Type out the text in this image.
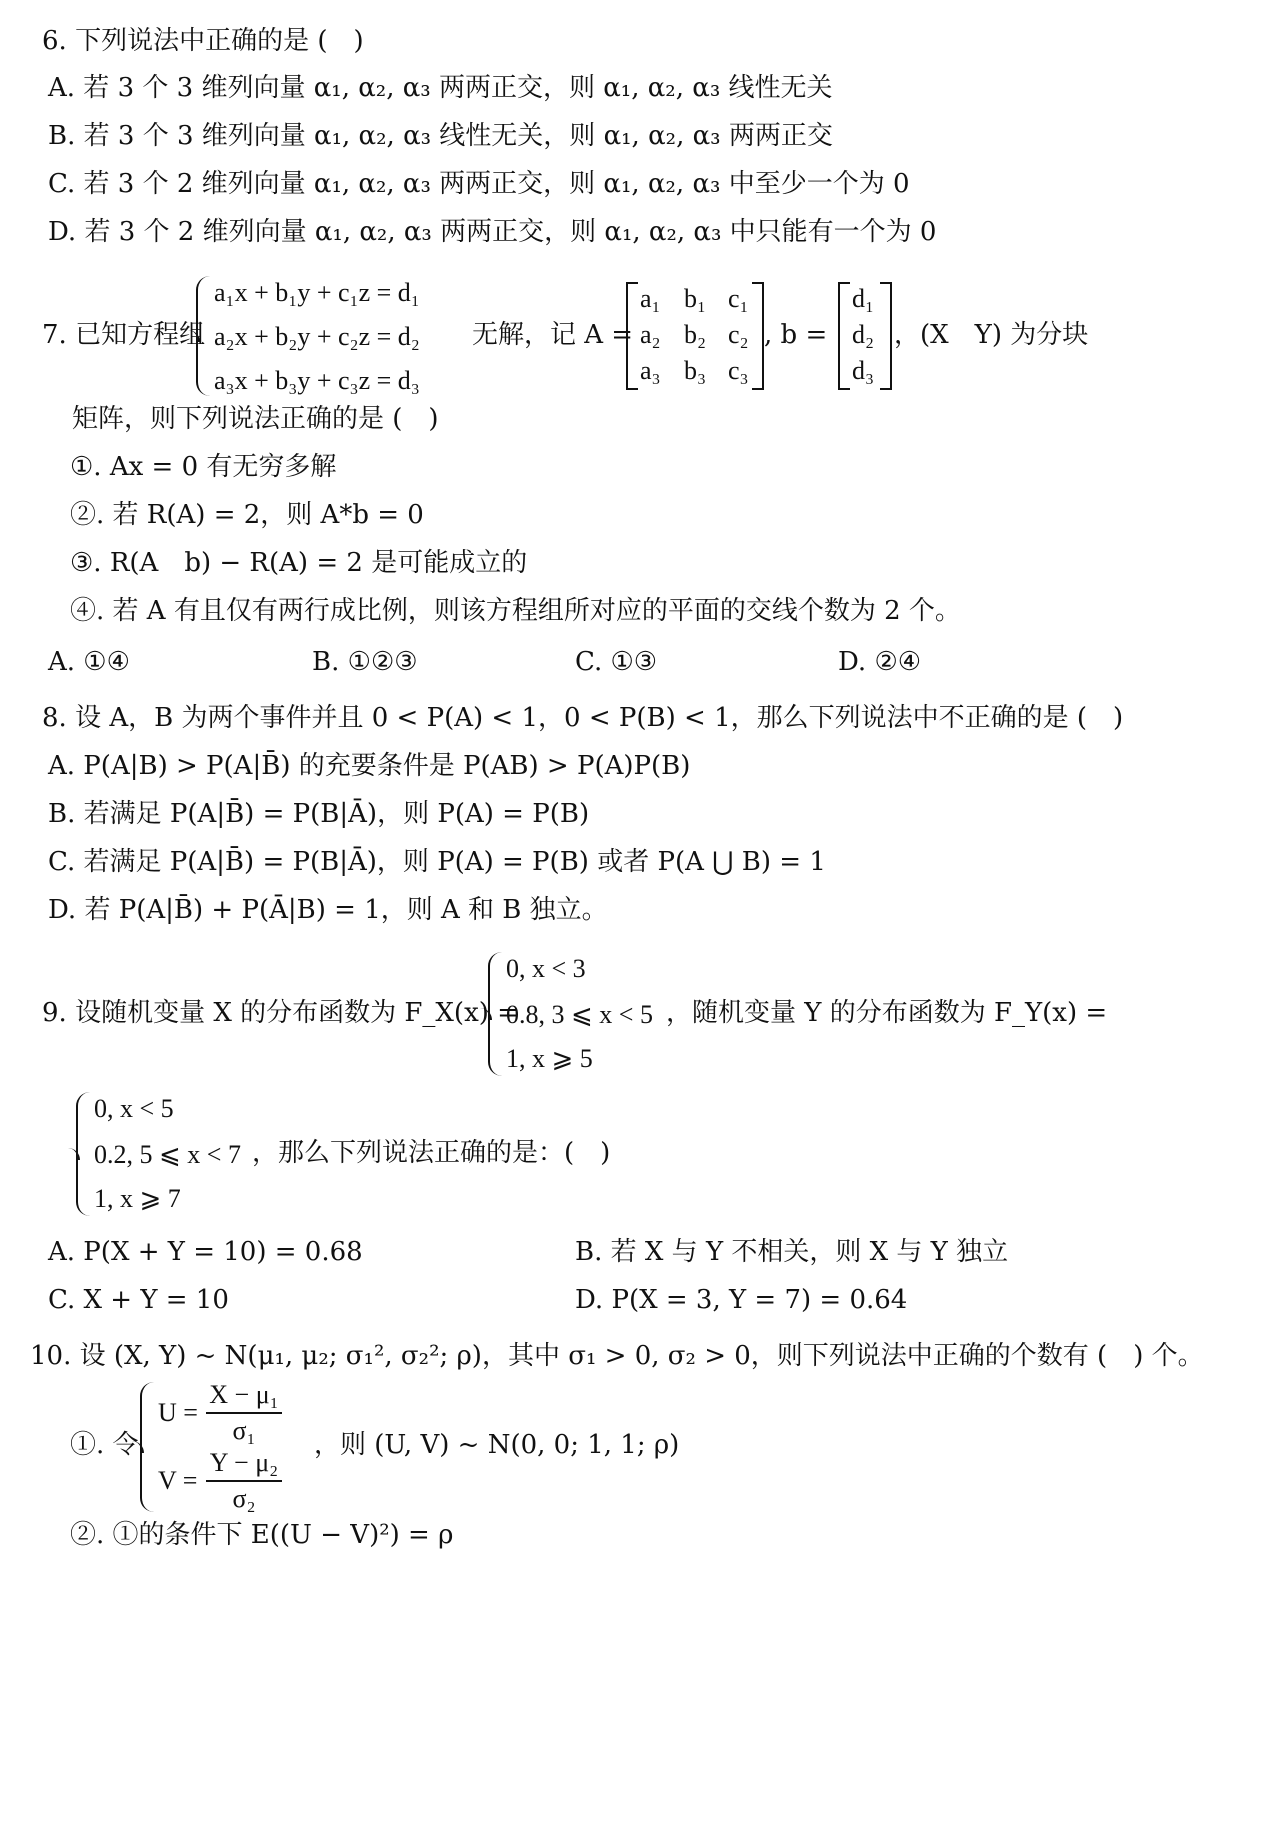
6. 下列说法中正确的是 (　)
A. 若 3 个 3 维列向量 α₁, α₂, α₃ 两两正交，则 α₁, α₂, α₃ 线性无关
B. 若 3 个 3 维列向量 α₁, α₂, α₃ 线性无关，则 α₁, α₂, α₃ 两两正交
C. 若 3 个 2 维列向量 α₁, α₂, α₃ 两两正交，则 α₁, α₂, α₃ 中至少一个为 0
D. 若 3 个 2 维列向量 α₁, α₂, α₃ 两两正交，则 α₁, α₂, α₃ 中只能有一个为 0
7. 已知方程组
a₁x + b₁y + c₁z = d₁
a₂x + b₂y + c₂z = d₂
a₃x + b₃y + c₃z = d₃
无解，记 A =
a₁ b₁ c₁
a₂ b₂ c₂
a₃ b₃ c₃
, b =
d₁
d₂
d₃
，(X　Y) 为分块
矩阵，则下列说法正确的是 (　)
①. Ax = 0 有无穷多解
②. 若 R(A) = 2，则 A*b = 0
③. R(A　b) − R(A) = 2 是可能成立的
④. 若 A 有且仅有两行成比例，则该方程组所对应的平面的交线个数为 2 个。
A. ①④	B. ①②③	C. ①③	D. ②④
8. 设 A，B 为两个事件并且 0 < P(A) < 1，0 < P(B) < 1，那么下列说法中不正确的是 (　)
A. P(A|B) > P(A|B̄) 的充要条件是 P(AB) > P(A)P(B)
B. 若满足 P(A|B̄) = P(B|Ā)，则 P(A) = P(B)
C. 若满足 P(A|B̄) = P(B|Ā)，则 P(A) = P(B) 或者 P(A ⋃ B) = 1
D. 若 P(A|B̄) + P(Ā|B) = 1，则 A 和 B 独立。
9. 设随机变量 X 的分布函数为 F_X(x) =
0, x < 3
0.8, 3 ⩽ x < 5
1, x ⩾ 5
，随机变量 Y 的分布函数为 F_Y(x) =
0, x < 5
0.2, 5 ⩽ x < 7
1, x ⩾ 7
，那么下列说法正确的是：(　)
A. P(X + Y = 10) = 0.68	B. 若 X 与 Y 不相关，则 X 与 Y 独立
C. X + Y = 10	D. P(X = 3, Y = 7) = 0.64
10. 设 (X, Y) ~ N(μ₁, μ₂; σ₁², σ₂²; ρ)，其中 σ₁ > 0, σ₂ > 0，则下列说法中正确的个数有 (　) 个。
①. 令
U =
X − μ₁
σ₁
V =
Y − μ₂
σ₂
，则 (U, V) ~ N(0, 0; 1, 1; ρ)
②. ①的条件下 E((U − V)²) = ρ
